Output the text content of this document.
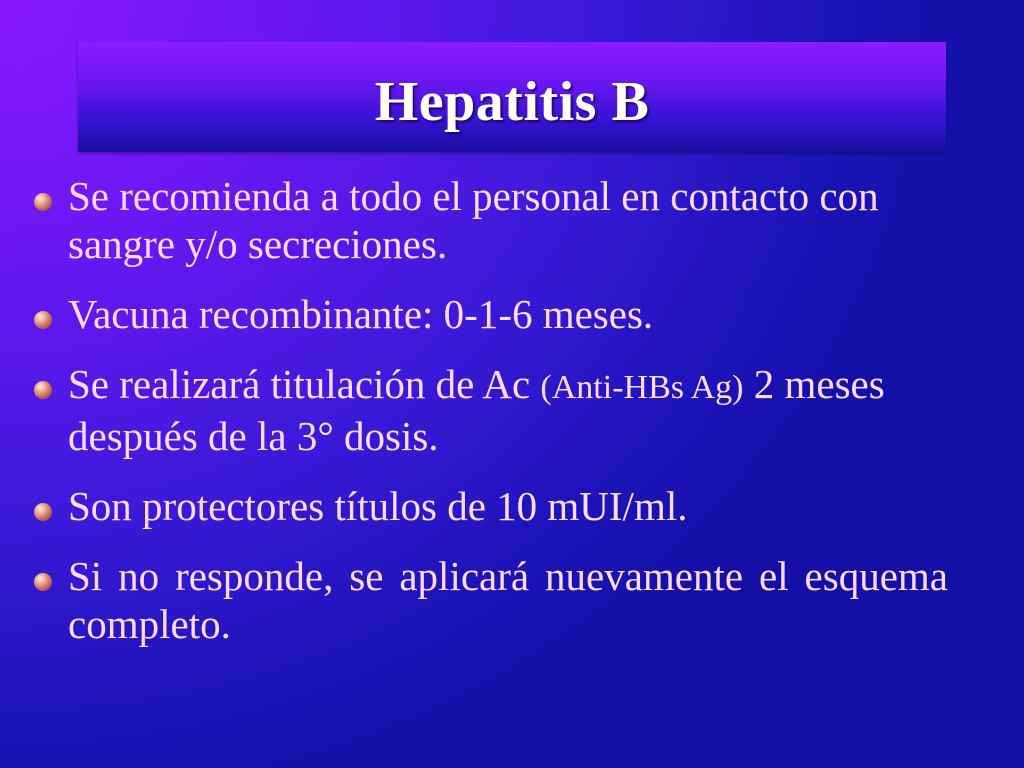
Hepatitis B
Se recomienda a todo el personal en contacto con sangre y/o secreciones.
Vacuna recombinante: 0-1-6 meses.
Se realizará titulación de Ac (Anti-HBs Ag) 2 meses después de la 3° dosis.
Son protectores títulos de 10 mUI/ml.
Si no responde, se aplicará nuevamente el esquema completo.
